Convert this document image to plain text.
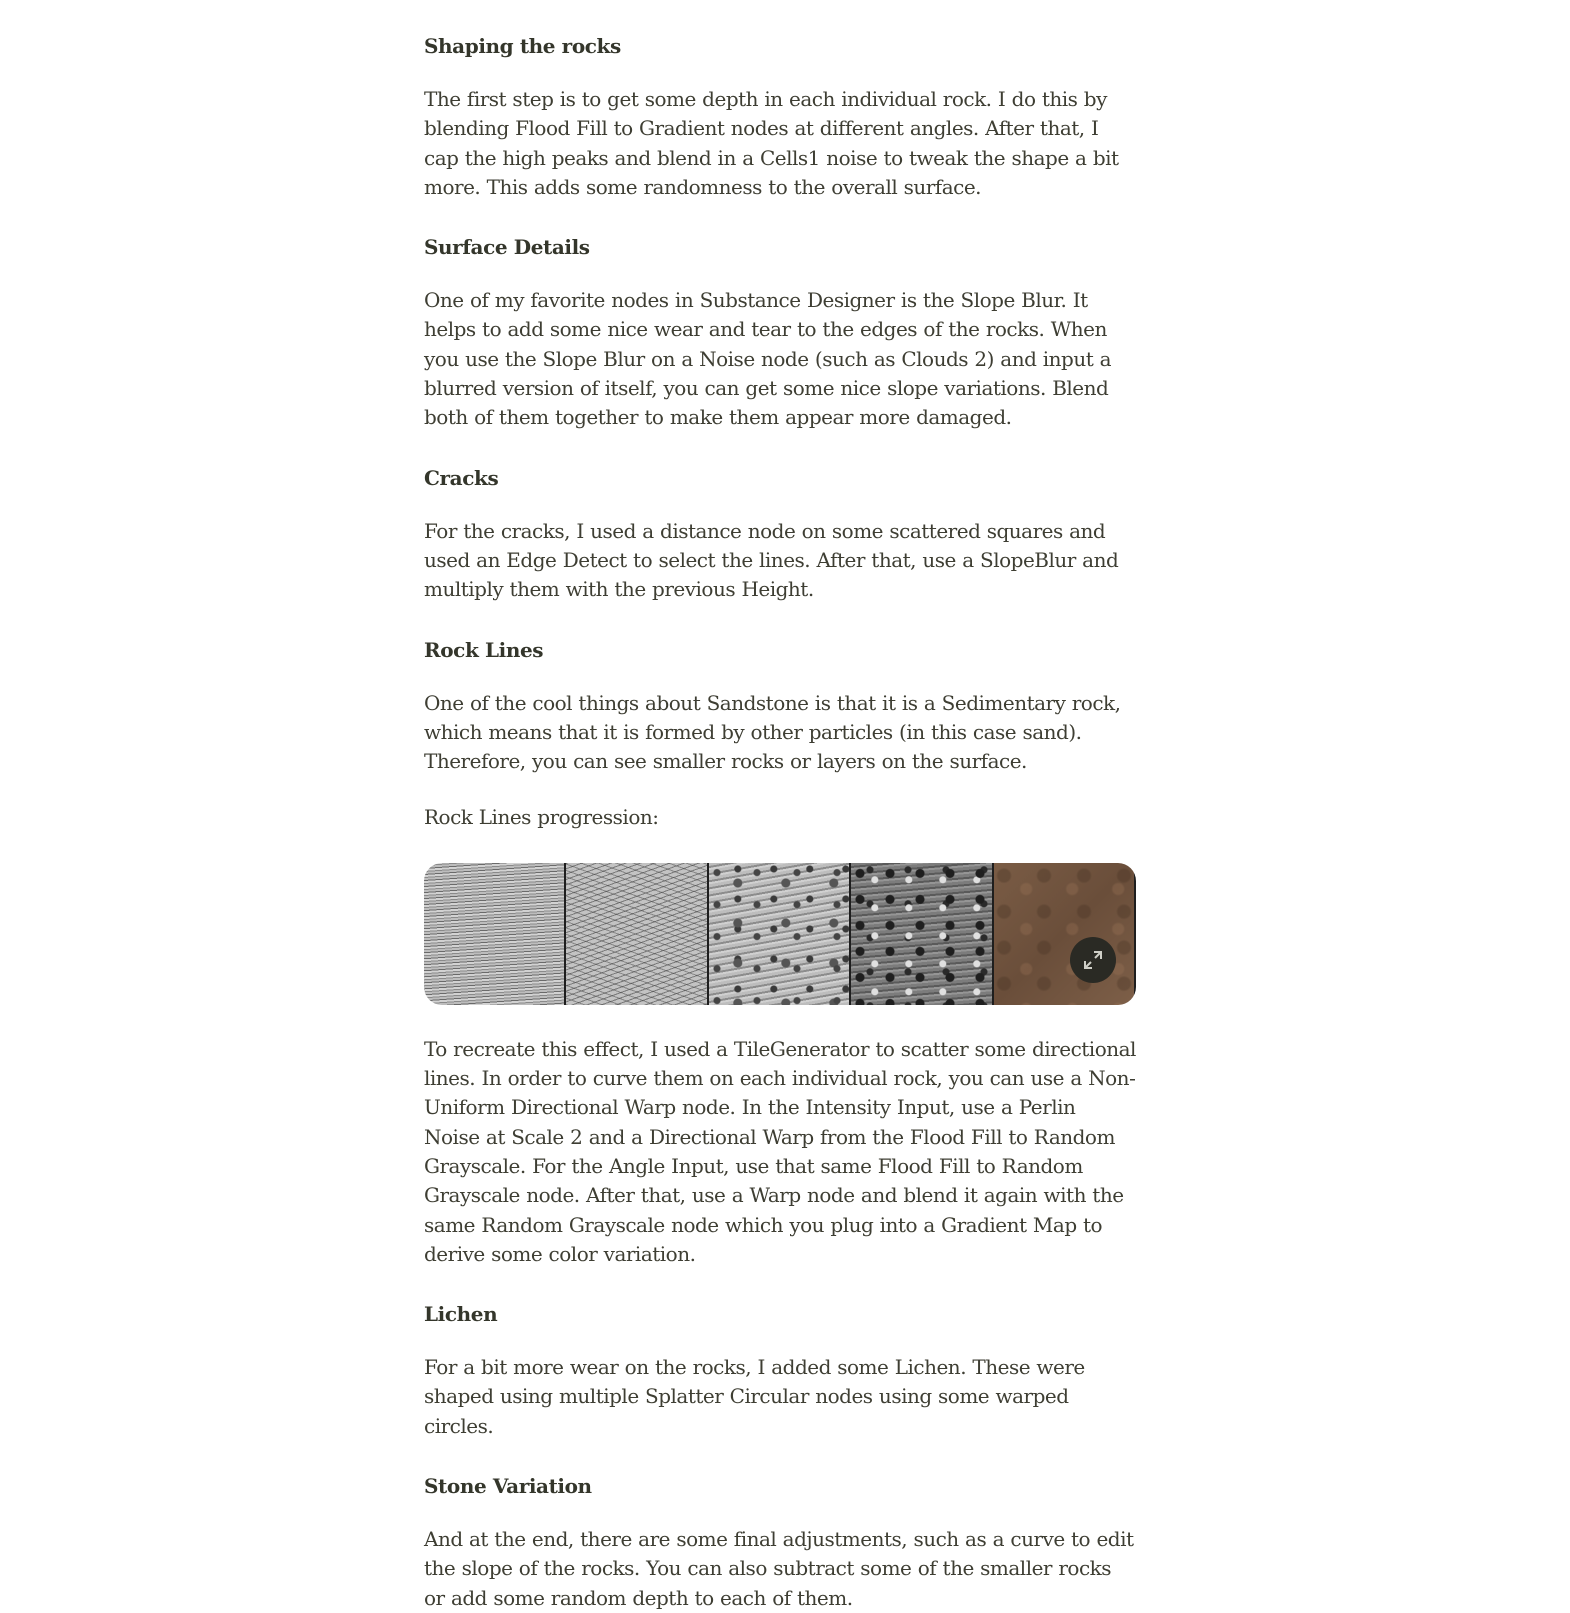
Shaping the rocks

The first step is to get some depth in each individual rock. I do this by blending Flood Fill to Gradient nodes at different angles. After that, I cap the high peaks and blend in a Cells1 noise to tweak the shape a bit more. This adds some randomness to the overall surface.

Surface Details

One of my favorite nodes in Substance Designer is the Slope Blur. It helps to add some nice wear and tear to the edges of the rocks. When you use the Slope Blur on a Noise node (such as Clouds 2) and input a blurred version of itself, you can get some nice slope variations. Blend both of them together to make them appear more damaged.

Cracks

For the cracks, I used a distance node on some scattered squares and used an Edge Detect to select the lines. After that, use a SlopeBlur and multiply them with the previous Height.

Rock Lines

One of the cool things about Sandstone is that it is a Sedimentary rock, which means that it is formed by other particles (in this case sand). Therefore, you can see smaller rocks or layers on the surface.

Rock Lines progression:

To recreate this effect, I used a TileGenerator to scatter some directional lines. In order to curve them on each individual rock, you can use a Non-Uniform Directional Warp node. In the Intensity Input, use a Perlin Noise at Scale 2 and a Directional Warp from the Flood Fill to Random Grayscale. For the Angle Input, use that same Flood Fill to Random Grayscale node. After that, use a Warp node and blend it again with the same Random Grayscale node which you plug into a Gradient Map to derive some color variation.

Lichen

For a bit more wear on the rocks, I added some Lichen. These were shaped using multiple Splatter Circular nodes using some warped circles.

Stone Variation

And at the end, there are some final adjustments, such as a curve to edit the slope of the rocks. You can also subtract some of the smaller rocks or add some random depth to each of them.
